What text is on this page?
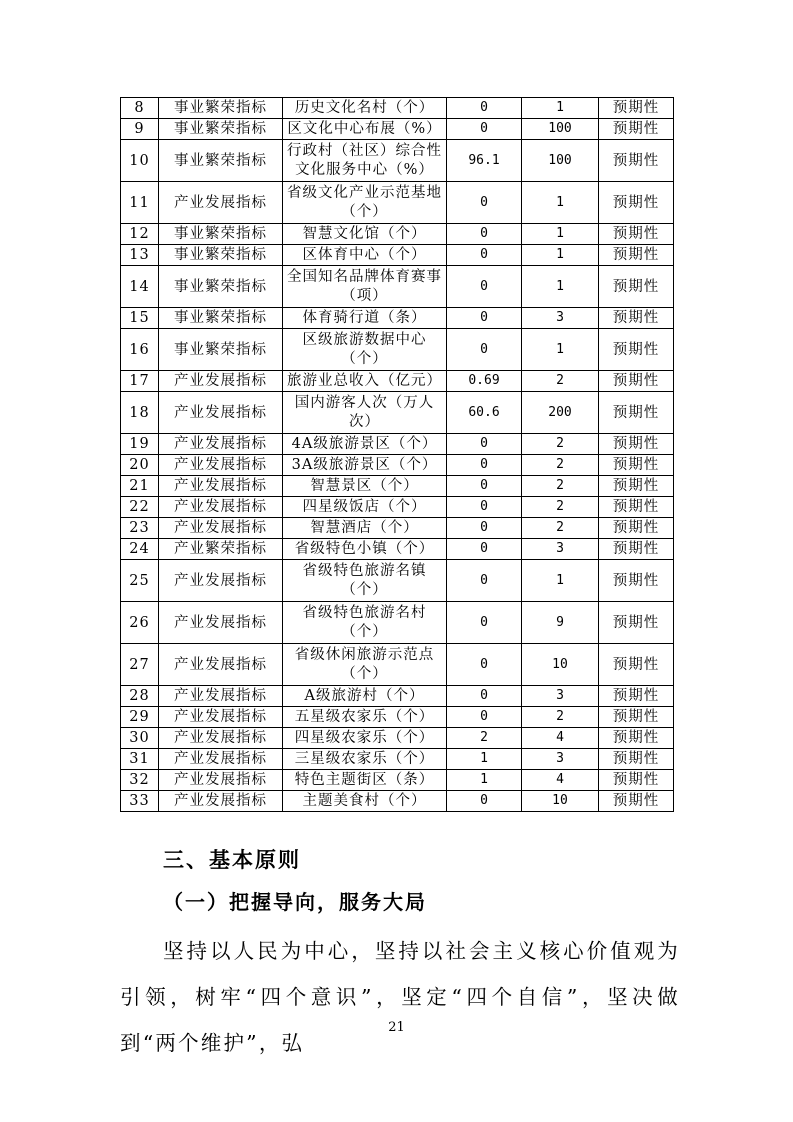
8	事业繁荣指标	历史文化名村（个）	0	1	预期性
9	事业繁荣指标	区文化中心布展（%）	0	100	预期性
10	事业繁荣指标	行政村（社区）综合性文化服务中心（%）	96.1	100	预期性
11	产业发展指标	省级文化产业示范基地（个）	0	1	预期性
12	事业繁荣指标	智慧文化馆（个）	0	1	预期性
13	事业繁荣指标	区体育中心（个）	0	1	预期性
14	事业繁荣指标	全国知名品牌体育赛事（项）	0	1	预期性
15	事业繁荣指标	体育骑行道（条）	0	3	预期性
16	事业繁荣指标	区级旅游数据中心（个）	0	1	预期性
17	产业发展指标	旅游业总收入（亿元）	0.69	2	预期性
18	产业发展指标	国内游客人次（万人次）	60.6	200	预期性
19	产业发展指标	4A级旅游景区（个）	0	2	预期性
20	产业发展指标	3A级旅游景区（个）	0	2	预期性
21	产业发展指标	智慧景区（个）	0	2	预期性
22	产业发展指标	四星级饭店（个）	0	2	预期性
23	产业发展指标	智慧酒店（个）	0	2	预期性
24	产业繁荣指标	省级特色小镇（个）	0	3	预期性
25	产业发展指标	省级特色旅游名镇（个）	0	1	预期性
26	产业发展指标	省级特色旅游名村（个）	0	9	预期性
27	产业发展指标	省级休闲旅游示范点（个）	0	10	预期性
28	产业发展指标	A级旅游村（个）	0	3	预期性
29	产业发展指标	五星级农家乐（个）	0	2	预期性
30	产业发展指标	四星级农家乐（个）	2	4	预期性
31	产业发展指标	三星级农家乐（个）	1	3	预期性
32	产业发展指标	特色主题街区（条）	1	4	预期性
33	产业发展指标	主题美食村（个）	0	10	预期性
三、基本原则
（一）把握导向，服务大局

坚持以人民为中心，坚持以社会主义核心价值观为引领，树牢“四个意识”，坚定“四个自信”，坚决做到“两个维护”，弘

21
